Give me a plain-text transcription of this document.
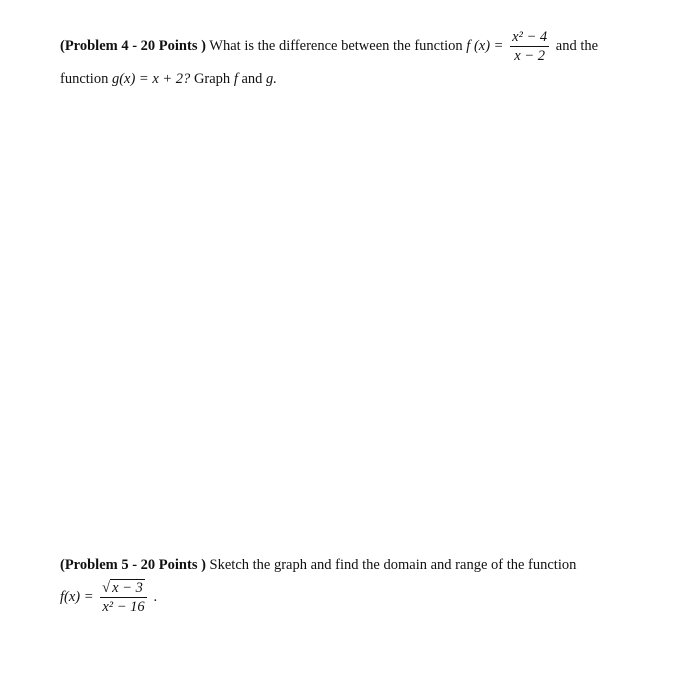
(Problem 4 - 20 Points ) What is the difference between the function f $(x) = \frac{\text{x² − 4}}{x - 2}$ and the
function g(x) = x + 2? Graph f and g.
(Problem 5 - 20 Points ) Sketch the graph and find the domain and range of the function
$f(x) = \frac{√ x - 3}{\text{x² − 16}}$ .
